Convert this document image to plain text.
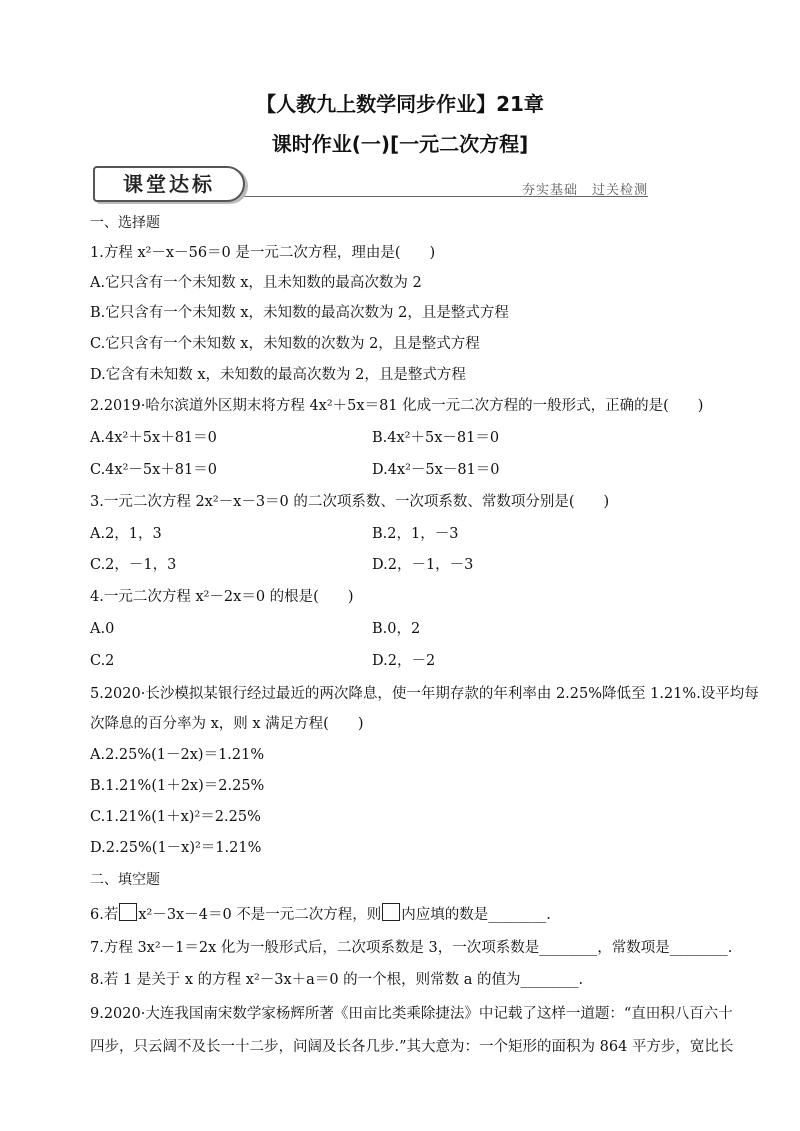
【人教九上数学同步作业】21章
课时作业(一)[一元二次方程]
课堂达标	夯实基础　过关检测
一、选择题
1.方程 x²－x－56＝0 是一元二次方程，理由是(　　)
A.它只含有一个未知数 x，且未知数的最高次数为 2
B.它只含有一个未知数 x，未知数的最高次数为 2，且是整式方程
C.它只含有一个未知数 x，未知数的次数为 2，且是整式方程
D.它含有未知数 x，未知数的最高次数为 2，且是整式方程
2.2019·哈尔滨道外区期末将方程 4x²＋5x＝81 化成一元二次方程的一般形式，正确的是(　　)
A.4x²＋5x＋81＝0	B.4x²＋5x－81＝0
C.4x²－5x＋81＝0	D.4x²－5x－81＝0
3.一元二次方程 2x²－x－3＝0 的二次项系数、一次项系数、常数项分别是(　　)
A.2，1，3	B.2，1，－3
C.2，－1，3	D.2，－1，－3
4.一元二次方程 x²－2x＝0 的根是(　　)
A.0	B.0，2
C.2	D.2，－2
5.2020·长沙模拟某银行经过最近的两次降息，使一年期存款的年利率由 2.25%降低至 1.21%.设平均每
次降息的百分率为 x，则 x 满足方程(　　)
A.2.25%(1－2x)＝1.21%
B.1.21%(1＋2x)＝2.25%
C.1.21%(1＋x)²＝2.25%
D.2.25%(1－x)²＝1.21%
二、填空题
6.若 x²－3x－4＝0 不是一元二次方程，则 内应填的数是________.
7.方程 3x²－1＝2x 化为一般形式后，二次项系数是 3，一次项系数是________，常数项是________.
8.若 1 是关于 x 的方程 x²－3x＋a＝0 的一个根，则常数 a 的值为________.
9.2020·大连我国南宋数学家杨辉所著《田亩比类乘除捷法》中记载了这样一道题：“直田积八百六十
四步，只云阔不及长一十二步，问阔及长各几步.”其大意为：一个矩形的面积为 864 平方步，宽比长
